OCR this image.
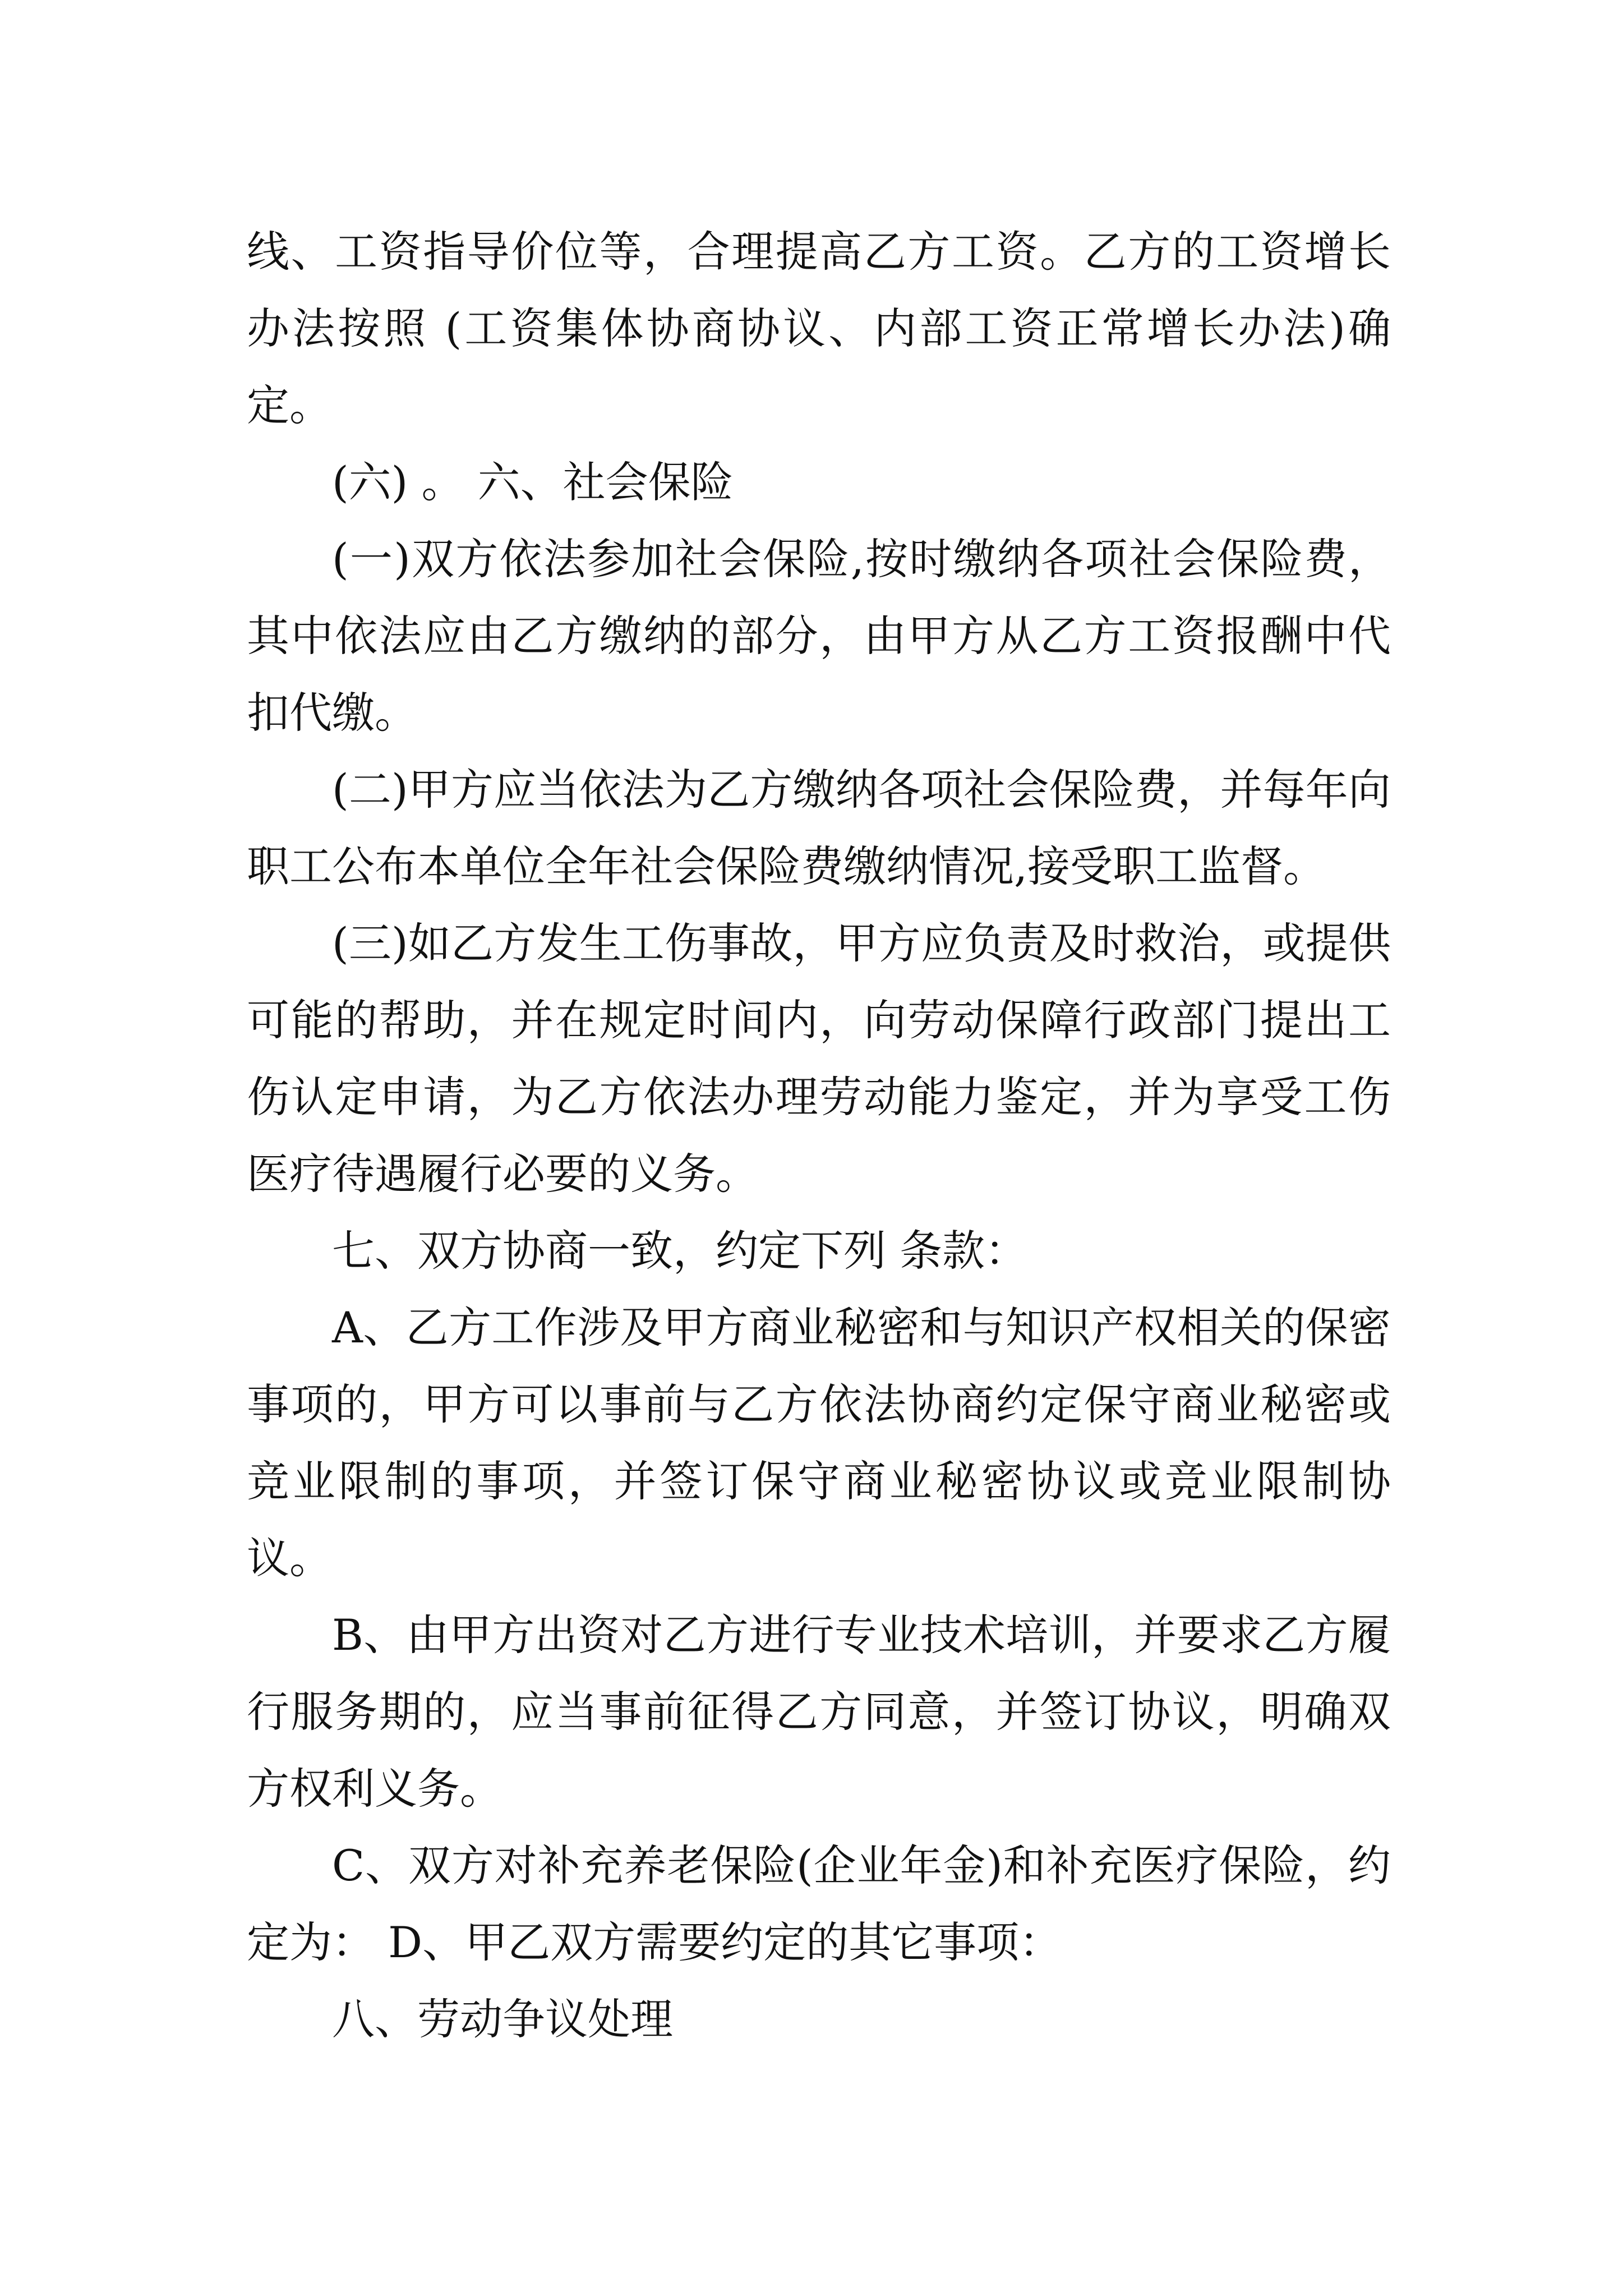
线、工资指导价位等，合理提高乙方工资。乙方的工资增长办法按照 (工资集体协商协议、内部工资正常增长办法)确定。

(六) 。 六、社会保险

(一)双方依法参加社会保险,按时缴纳各项社会保险费，其中依法应由乙方缴纳的部分，由甲方从乙方工资报酬中代扣代缴。

(二)甲方应当依法为乙方缴纳各项社会保险费，并每年向职工公布本单位全年社会保险费缴纳情况,接受职工监督。

(三)如乙方发生工伤事故，甲方应负责及时救治，或提供可能的帮助，并在规定时间内，向劳动保障行政部门提出工伤认定申请，为乙方依法办理劳动能力鉴定，并为享受工伤医疗待遇履行必要的义务。

七、双方协商一致，约定下列 条款：

A、乙方工作涉及甲方商业秘密和与知识产权相关的保密事项的，甲方可以事前与乙方依法协商约定保守商业秘密或竞业限制的事项，并签订保守商业秘密协议或竞业限制协议。

B、由甲方出资对乙方进行专业技术培训，并要求乙方履行服务期的，应当事前征得乙方同意，并签订协议，明确双方权利义务。

C、双方对补充养老保险(企业年金)和补充医疗保险，约定为： D、甲乙双方需要约定的其它事项：

八、劳动争议处理
